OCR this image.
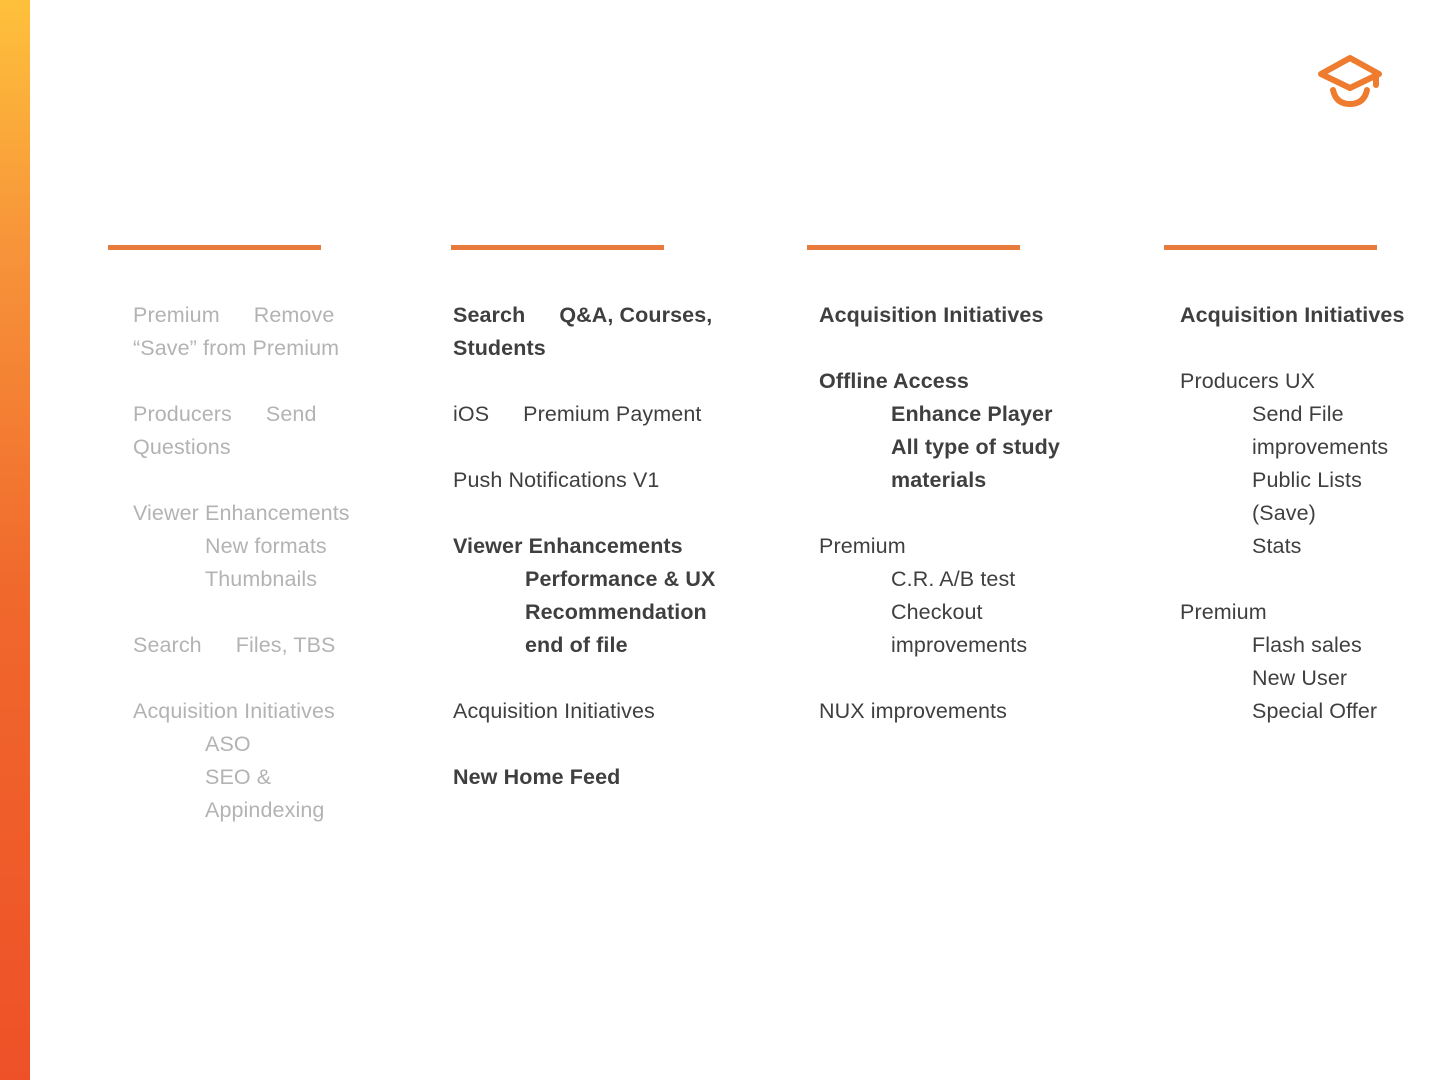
Premium Remove
“Save” from Premium
Producers Send
Questions
Viewer Enhancements
New formats
Thumbnails
Search Files, TBS
Acquisition Initiatives
ASO
SEO &
Appindexing
Search Q&A, Courses,
Students
iOS Premium Payment
Push Notifications V1
Viewer Enhancements
Performance & UX
Recommendation
end of file
Acquisition Initiatives
New Home Feed
Acquisition Initiatives
Offline Access
Enhance Player
All type of study
materials
Premium
C.R. A/B test
Checkout
improvements
NUX improvements
Acquisition Initiatives
Producers UX
Send File
improvements
Public Lists
(Save)
Stats
Premium
Flash sales
New User
Special Offer
